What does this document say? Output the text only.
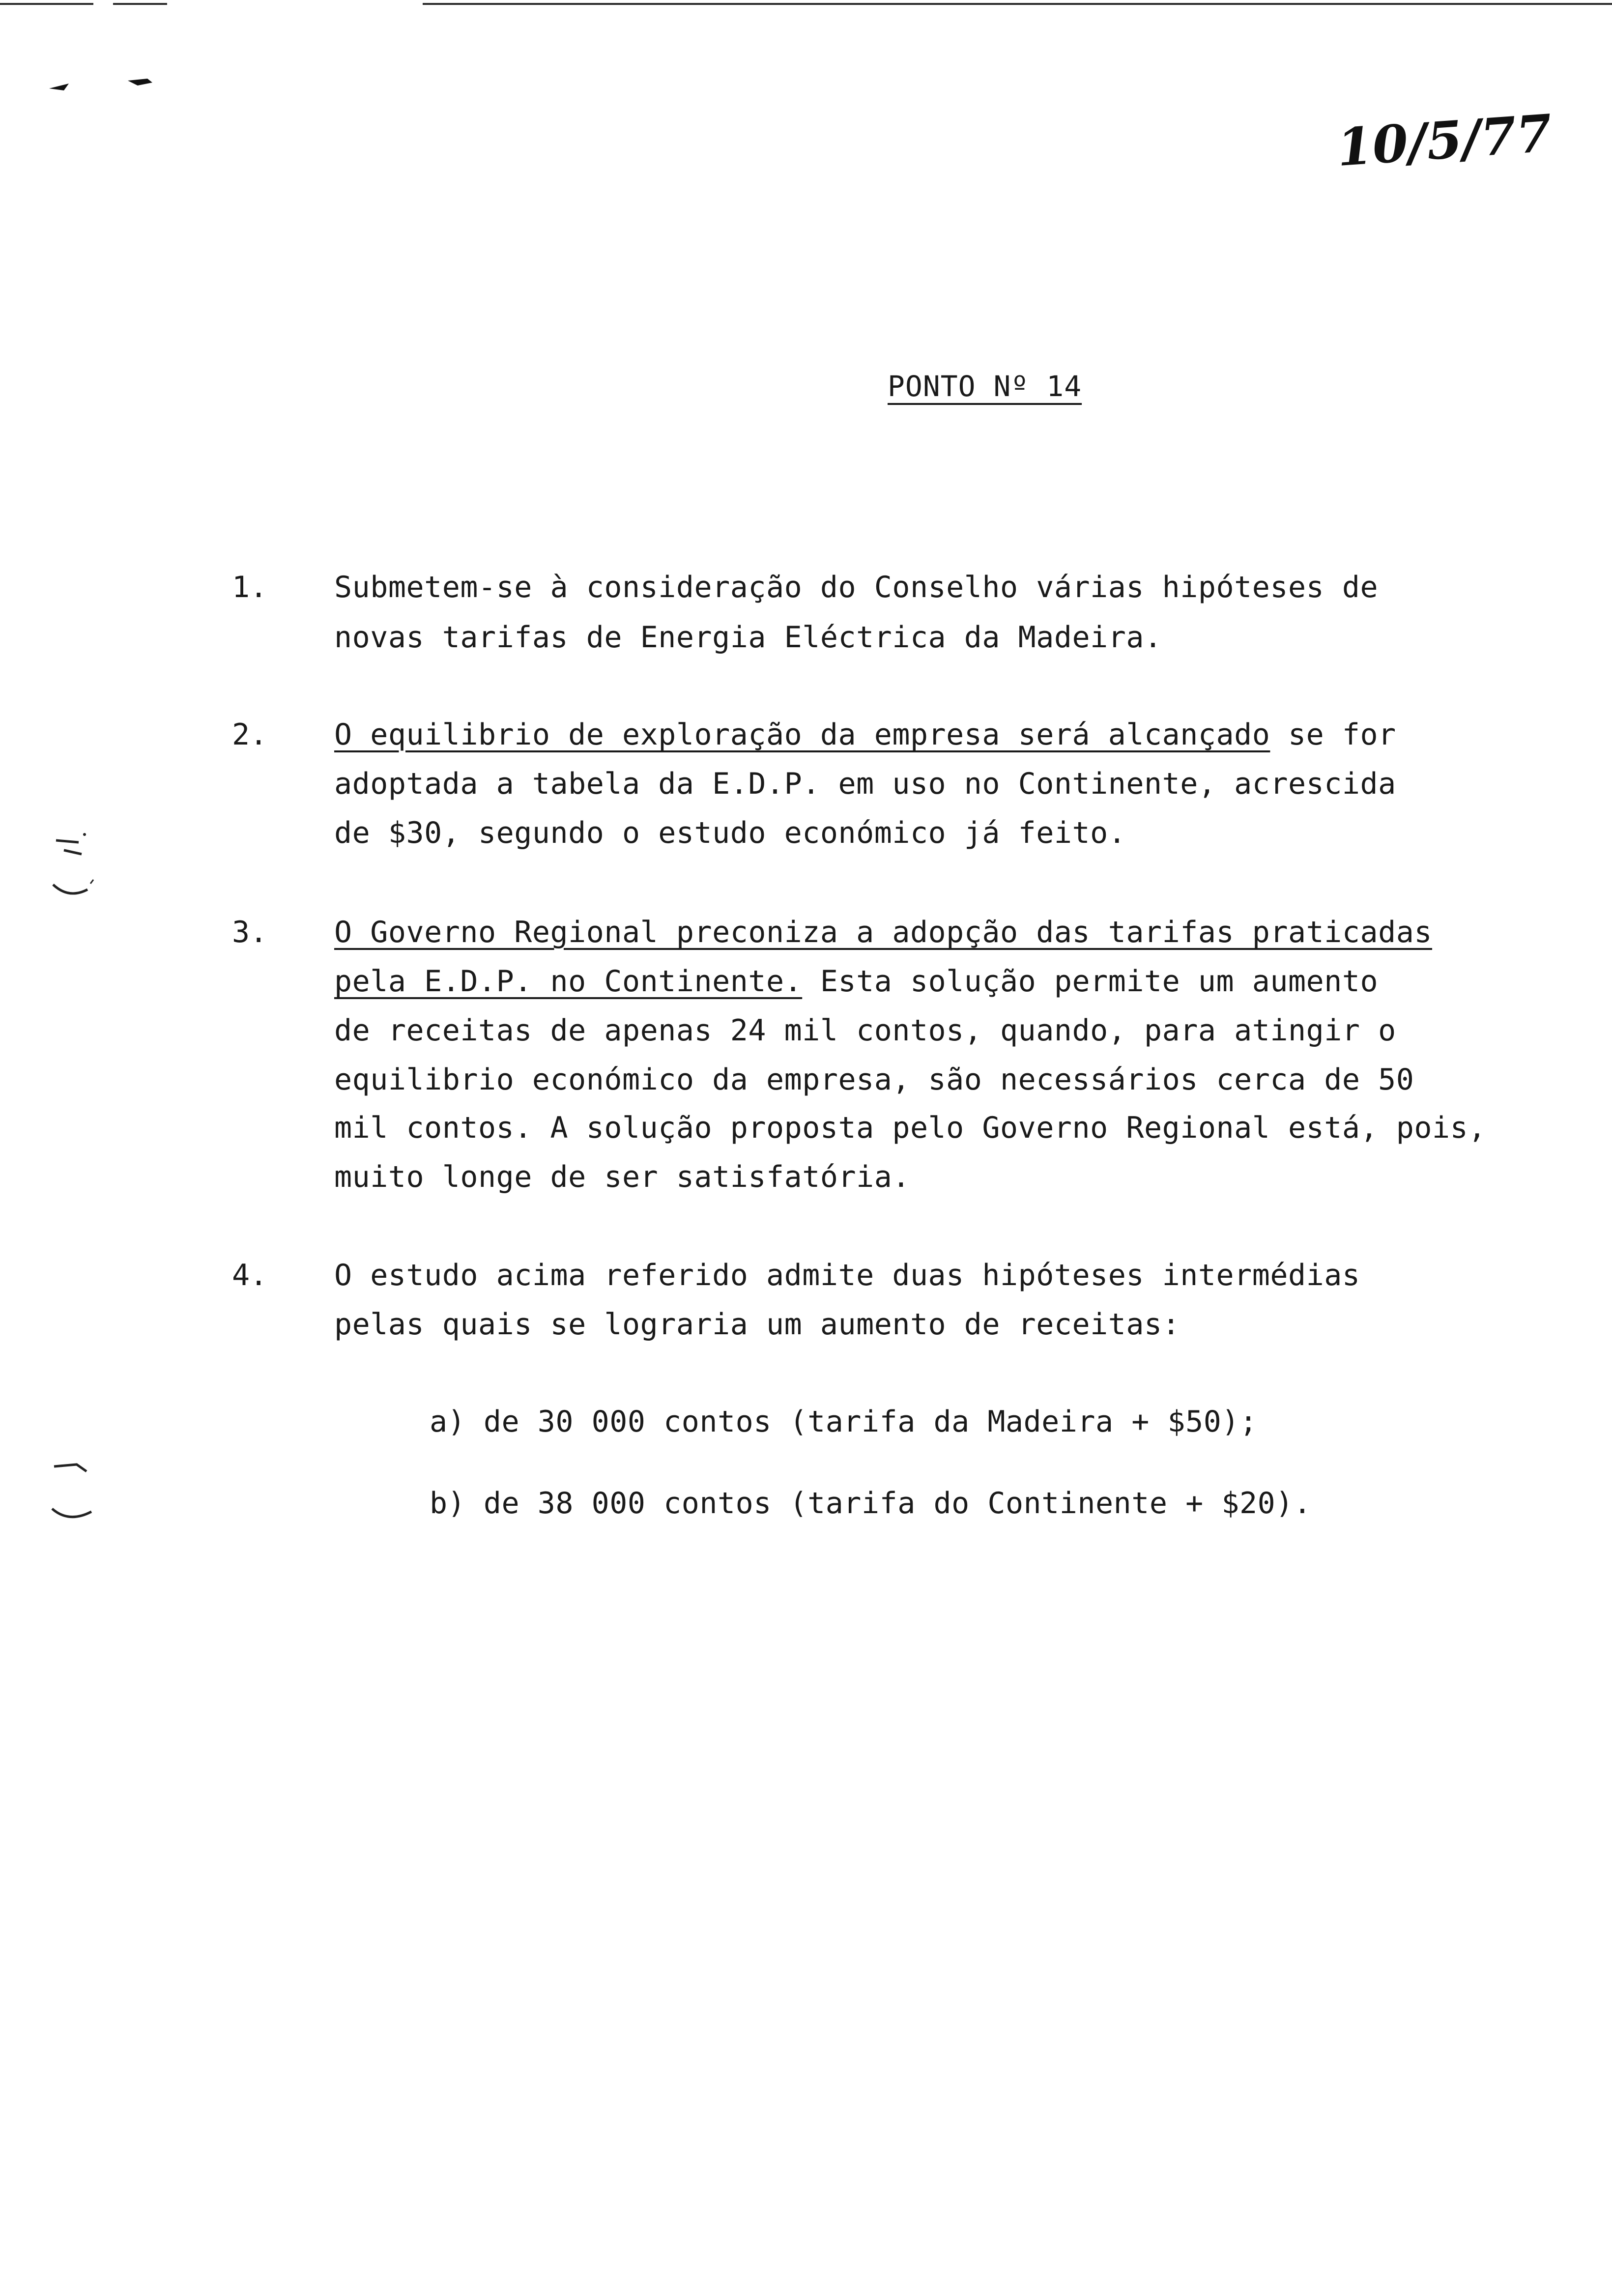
10/5/77
PONTO Nº 14
1. Submetem-se à consideração do Conselho várias hipóteses de
novas tarifas de Energia Eléctrica da Madeira.
2. O equilibrio de exploração da empresa será alcançado se for
adoptada a tabela da E.D.P. em uso no Continente, acrescida
de $30, segundo o estudo económico já feito.
3. O Governo Regional preconiza a adopção das tarifas praticadas
pela E.D.P. no Continente. Esta solução permite um aumento
de receitas de apenas 24 mil contos, quando, para atingir o
equilibrio económico da empresa, são necessários cerca de 50
mil contos. A solução proposta pelo Governo Regional está, pois,
muito longe de ser satisfatória.
4. O estudo acima referido admite duas hipóteses intermédias
pelas quais se lograria um aumento de receitas:
a) de 30 000 contos (tarifa da Madeira + $50);
b) de 38 000 contos (tarifa do Continente + $20).
